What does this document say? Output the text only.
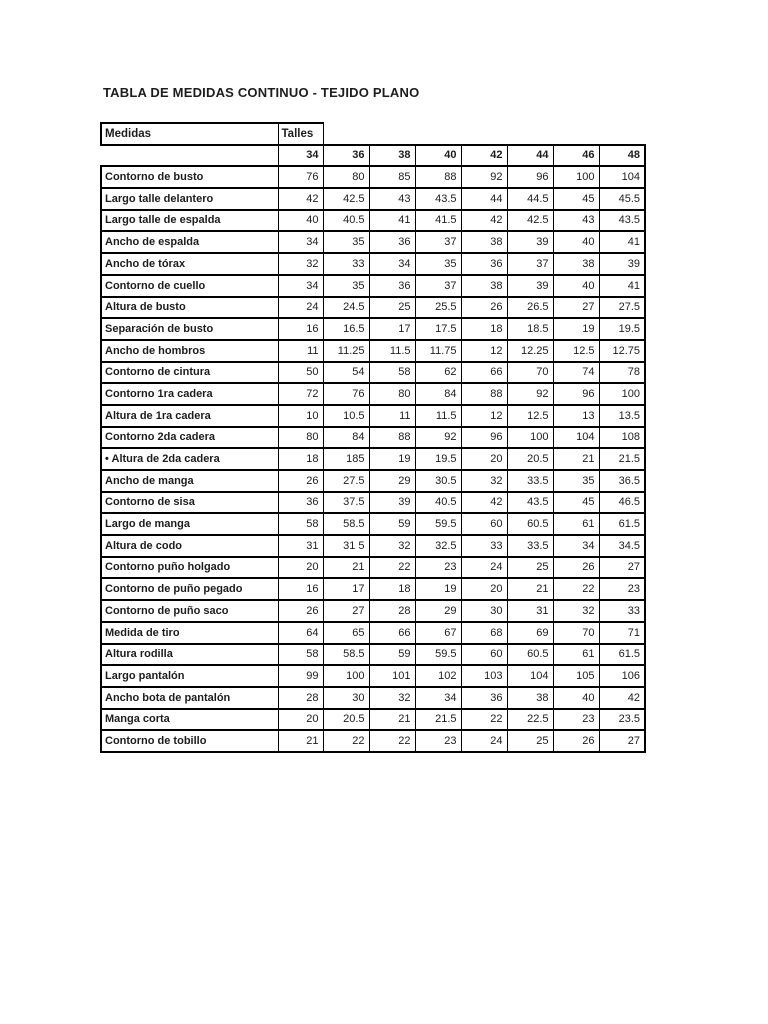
TABLA DE MEDIDAS CONTINUO - TEJIDO PLANO
Medidas	Talles							
	34	36	38	40	42	44	46	48
Contorno de busto	76	80	85	88	92	96	100	104
Largo talle delantero	42	42.5	43	43.5	44	44.5	45	45.5
Largo talle de espalda	40	40.5	41	41.5	42	42.5	43	43.5
Ancho de espalda	34	35	36	37	38	39	40	41
Ancho de tórax	32	33	34	35	36	37	38	39
Contorno de cuello	34	35	36	37	38	39	40	41
Altura de busto	24	24.5	25	25.5	26	26.5	27	27.5
Separación de busto	16	16.5	17	17.5	18	18.5	19	19.5
Ancho de hombros	11	11.25	11.5	11.75	12	12.25	12.5	12.75
Contorno de cintura	50	54	58	62	66	70	74	78
Contorno 1ra cadera	72	76	80	84	88	92	96	100
Altura de 1ra cadera	10	10.5	11	11.5	12	12.5	13	13.5
Contorno 2da cadera	80	84	88	92	96	100	104	108
• Altura de 2da cadera	18	185	19	19.5	20	20.5	21	21.5
Ancho de manga	26	27.5	29	30.5	32	33.5	35	36.5
Contorno de sisa	36	37.5	39	40.5	42	43.5	45	46.5
Largo de manga	58	58.5	59	59.5	60	60.5	61	61.5
Altura de codo	31	31 5	32	32.5	33	33.5	34	34.5
Contorno puño holgado	20	21	22	23	24	25	26	27
Contorno de puño pegado	16	17	18	19	20	21	22	23
Contorno de puño saco	26	27	28	29	30	31	32	33
Medida de tiro	64	65	66	67	68	69	70	71
Altura rodilla	58	58.5	59	59.5	60	60.5	61	61.5
Largo pantalón	99	100	101	102	103	104	105	106
Ancho bota de pantalón	28	30	32	34	36	38	40	42
Manga corta	20	20.5	21	21.5	22	22.5	23	23.5
Contorno de tobillo	21	22	22	23	24	25	26	27
